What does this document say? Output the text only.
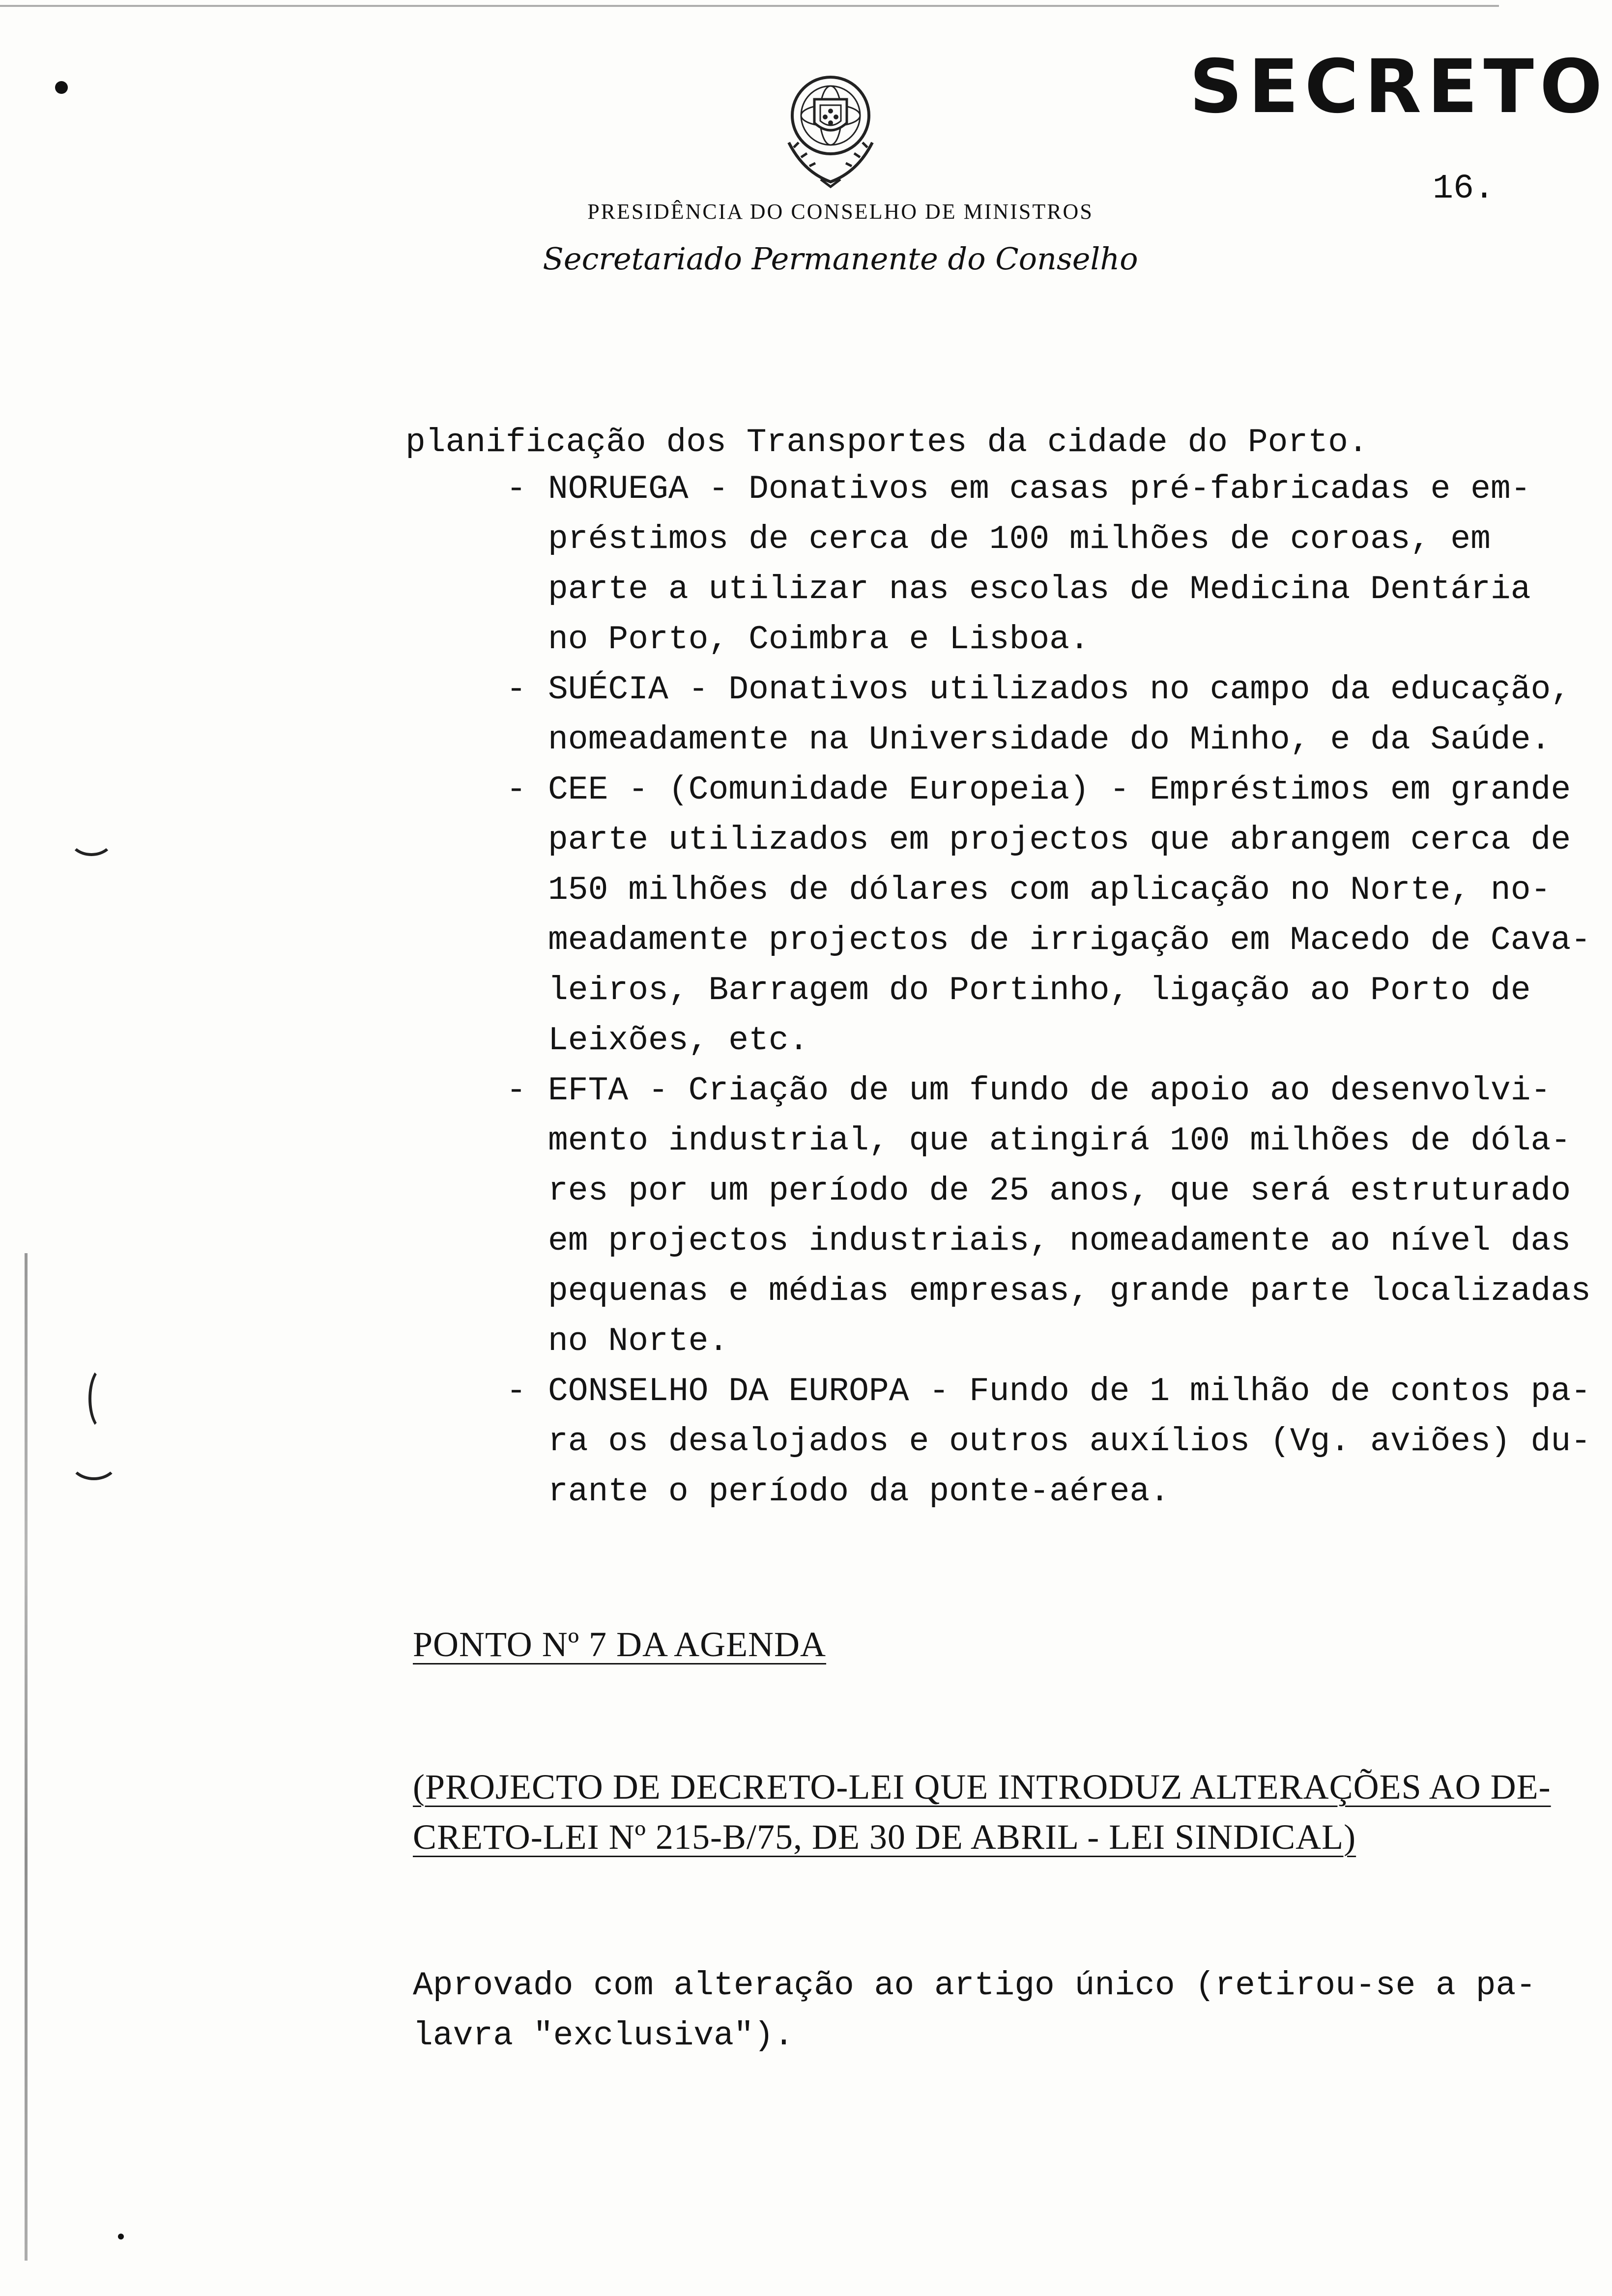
SECRETO
16.
PRESIDÊNCIA DO CONSELHO DE MINISTROS
Secretariado Permanente do Conselho
planificação dos Transportes da cidade do Porto.
- NORUEGA - Donativos em casas pré-fabricadas e em-
préstimos de cerca de 100 milhões de coroas, em
parte a utilizar nas escolas de Medicina Dentária
no Porto, Coimbra e Lisboa.
- SUÉCIA - Donativos utilizados no campo da educação,
nomeadamente na Universidade do Minho, e da Saúde.
- CEE - (Comunidade Europeia) - Empréstimos em grande
parte utilizados em projectos que abrangem cerca de
150 milhões de dólares com aplicação no Norte, no-
meadamente projectos de irrigação em Macedo de Cava-
leiros, Barragem do Portinho, ligação ao Porto de
Leixões, etc.
- EFTA - Criação de um fundo de apoio ao desenvolvi-
mento industrial, que atingirá 100 milhões de dóla-
res por um período de 25 anos, que será estruturado
em projectos industriais, nomeadamente ao nível das
pequenas e médias empresas, grande parte localizadas
no Norte.
- CONSELHO DA EUROPA - Fundo de 1 milhão de contos pa-
ra os desalojados e outros auxílios (Vg. aviões) du-
rante o período da ponte-aérea.
PONTO Nº 7 DA AGENDA
(PROJECTO DE DECRETO-LEI QUE INTRODUZ ALTERAÇÕES AO DE-
CRETO-LEI Nº 215-B/75, DE 30 DE ABRIL - LEI SINDICAL)
Aprovado com alteração ao artigo único (retirou-se a pa-
lavra "exclusiva").
